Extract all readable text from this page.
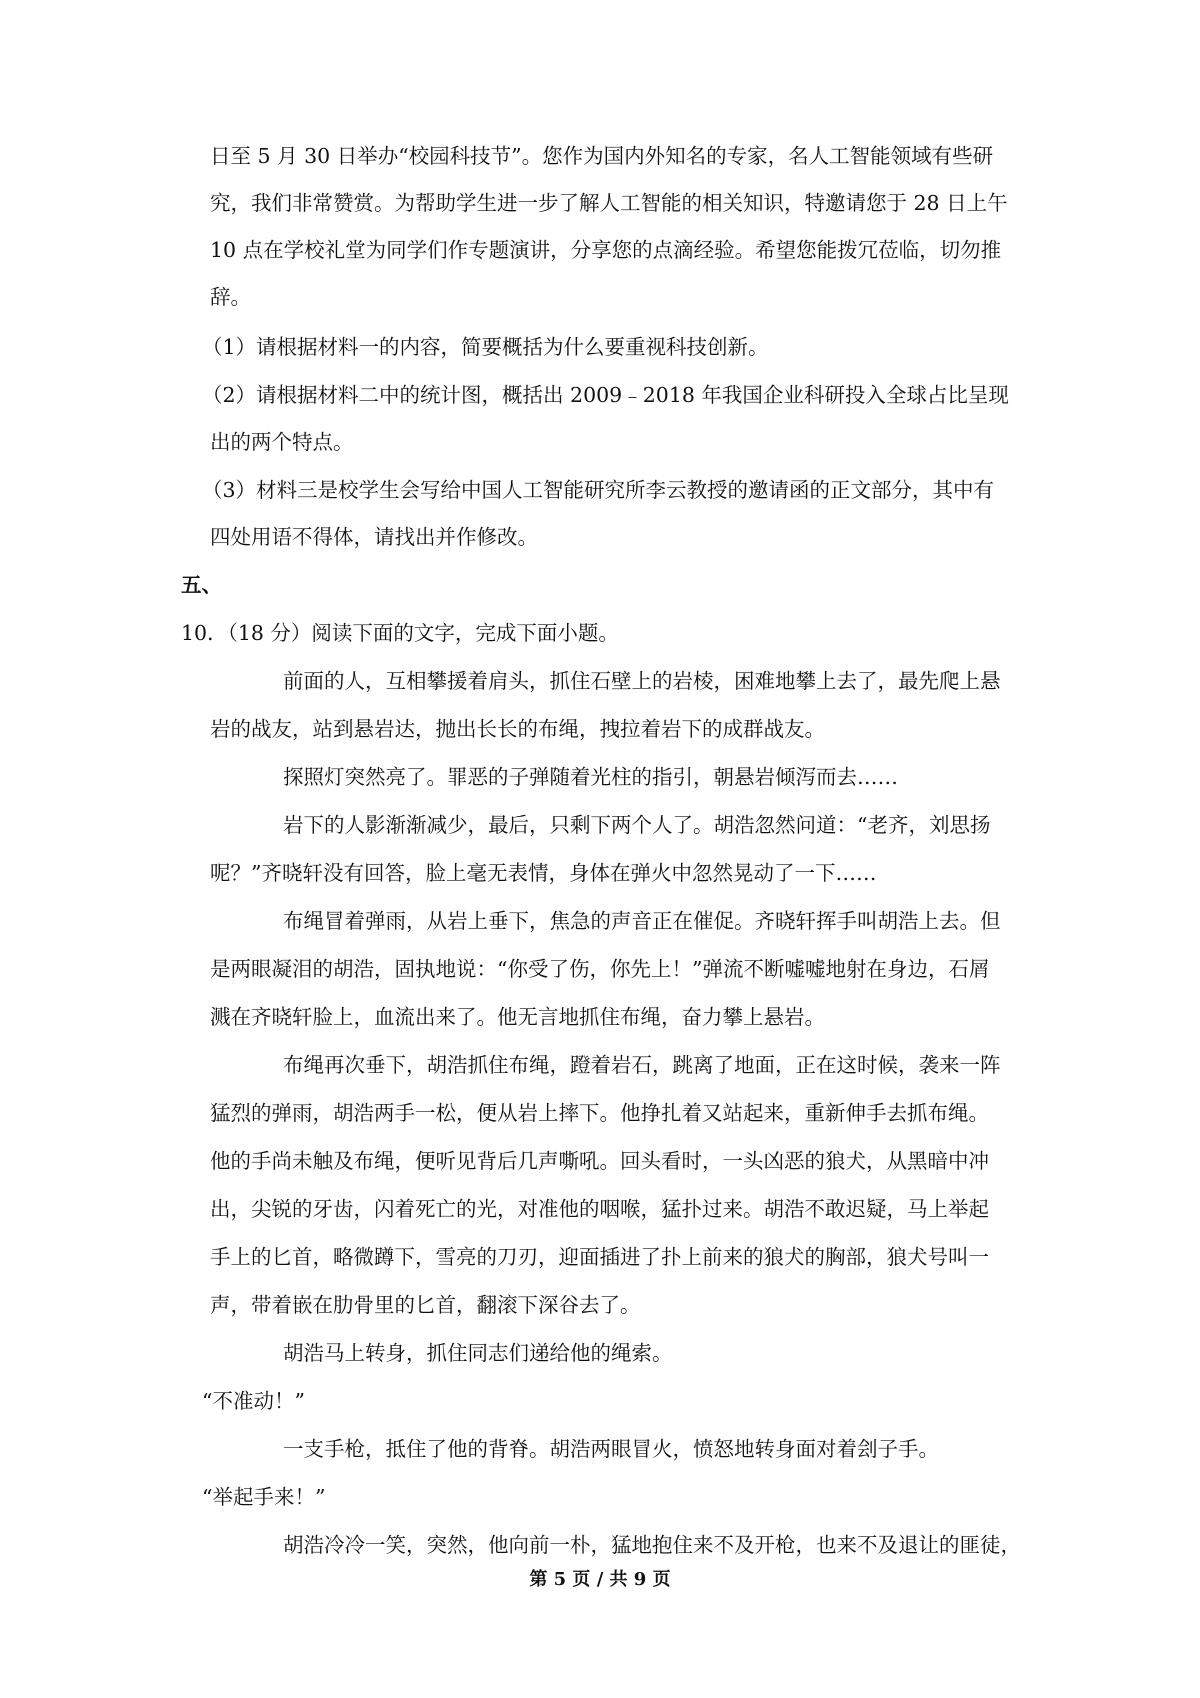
日至 5 月 30 日举办“校园科技节”。您作为国内外知名的专家，名人工智能领域有些研
究，我们非常赞赏。为帮助学生进一步了解人工智能的相关知识，特邀请您于 28 日上午
10 点在学校礼堂为同学们作专题演讲，分享您的点滴经验。希望您能拨冗莅临，切勿推
辞。
（1）请根据材料一的内容，简要概括为什么要重视科技创新。
（2）请根据材料二中的统计图，概括出 2009﹣2018 年我国企业科研投入全球占比呈现
出的两个特点。
（3）材料三是校学生会写给中国人工智能研究所李云教授的邀请函的正文部分，其中有
四处用语不得体，请找出并作修改。
五、
10．（18 分）阅读下面的文字，完成下面小题。
前面的人，互相攀援着肩头，抓住石壁上的岩棱，困难地攀上去了，最先爬上悬
岩的战友，站到悬岩达，抛出长长的布绳，拽拉着岩下的成群战友。
探照灯突然亮了。罪恶的子弹随着光柱的指引，朝悬岩倾泻而去……
岩下的人影渐渐减少，最后，只剩下两个人了。胡浩忽然问道：“老齐，刘思扬
呢？”齐晓轩没有回答，脸上毫无表情，身体在弹火中忽然晃动了一下……
布绳冒着弹雨，从岩上垂下，焦急的声音正在催促。齐晓轩挥手叫胡浩上去。但
是两眼凝泪的胡浩，固执地说：“你受了伤，你先上！”弹流不断嘘嘘地射在身边，石屑
溅在齐晓轩脸上，血流出来了。他无言地抓住布绳，奋力攀上悬岩。
布绳再次垂下，胡浩抓住布绳，蹬着岩石，跳离了地面，正在这时候，袭来一阵
猛烈的弹雨，胡浩两手一松，便从岩上摔下。他挣扎着又站起来，重新伸手去抓布绳。
他的手尚未触及布绳，便听见背后几声嘶吼。回头看时，一头凶恶的狼犬，从黑暗中冲
出，尖锐的牙齿，闪着死亡的光，对准他的咽喉，猛扑过来。胡浩不敢迟疑，马上举起
手上的匕首，略微蹲下，雪亮的刀刃，迎面插进了扑上前来的狼犬的胸部，狼犬号叫一
声，带着嵌在肋骨里的匕首，翻滚下深谷去了。
胡浩马上转身，抓住同志们递给他的绳索。
“不准动！”
一支手枪，抵住了他的背脊。胡浩两眼冒火，愤怒地转身面对着刽子手。
“举起手来！”
胡浩冷冷一笑，突然，他向前一朴，猛地抱住来不及开枪，也来不及退让的匪徒，
第 5 页 / 共 9 页
